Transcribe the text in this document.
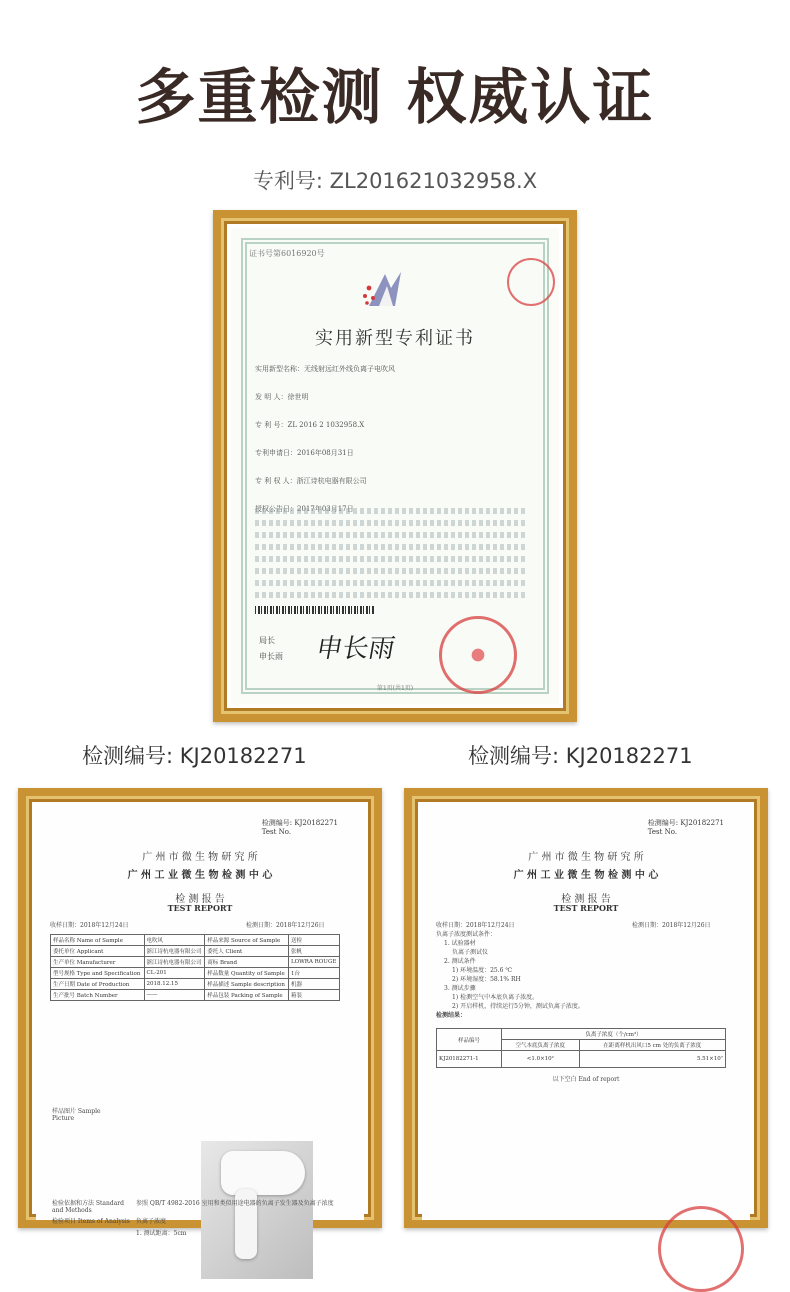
多重检测 权威认证
专利号: ZL201621032958.X
证书号第6016920号
实用新型专利证书
实用新型名称：无线射远红外线负离子电吹风
发 明 人：徐世明
专 利 号：ZL 2016 2 1032958.X
专利申请日：2016年08月31日
专 利 权 人：浙江诗杭电器有限公司
授权公告日：2017年03月17日
局长
申长雨 申长雨
第1页(共1页)
检测编号: KJ20182271	检测编号: KJ20182271
检测编号: KJ20182271
Test No.
广 州 市 微 生 物 研 究 所
广 州 工 业 微 生 物 检 测 中 心
检 测 报 告
TEST REPORT
收样日期：2018年12月24日	检测日期：2018年12月26日
样品名称 Name of Sample	电吹风	样品来源 Source of Sample	送检
委托单位 Applicant	浙江诗杭电器有限公司	委托人 Client	张帆
生产单位 Manufacturer	浙江诗杭电器有限公司	商标 Brand	LOWRA ROUGE
型号规格 Type and Specification	CL-201	样品数量 Quantity of Sample	1台
生产日期 Date of Production	2018.12.15	样品描述 Sample description	机器
生产批号 Batch Number	——	样品包装 Packing of Sample	箱装
样品图片 Sample Picture
检验依据和方法 Standard and Methods
参照 QB/T 4982-2016 室用和类似用途电器的负离子发生器及负离子浓度
检验项目 Items of Analysis	负离子浓度
1. 测试距离：5cm
检测编号: KJ20182271
Test No.
广 州 市 微 生 物 研 究 所
广 州 工 业 微 生 物 检 测 中 心
检 测 报 告
TEST REPORT
收样日期：2018年12月24日	检测日期：2018年12月26日
负离子浓度测试条件：
1. 试验器材
负离子测试仪
2. 测试条件
1) 环境温度：25.6 ℃
2) 环境湿度：58.1% RH
3. 测试步骤
1) 检测空气中本底负离子浓度。
2) 开启样机，持续运行5分钟，测试负离子浓度。
检测结果：
样品编号	负离子浓度（个/cm³）	
	空气本底负离子浓度	在距离样机出风口5 cm 处的负离子浓度
KJ20182271-1	<1.0×10²	5.51×10⁷
以下空白 End of report
